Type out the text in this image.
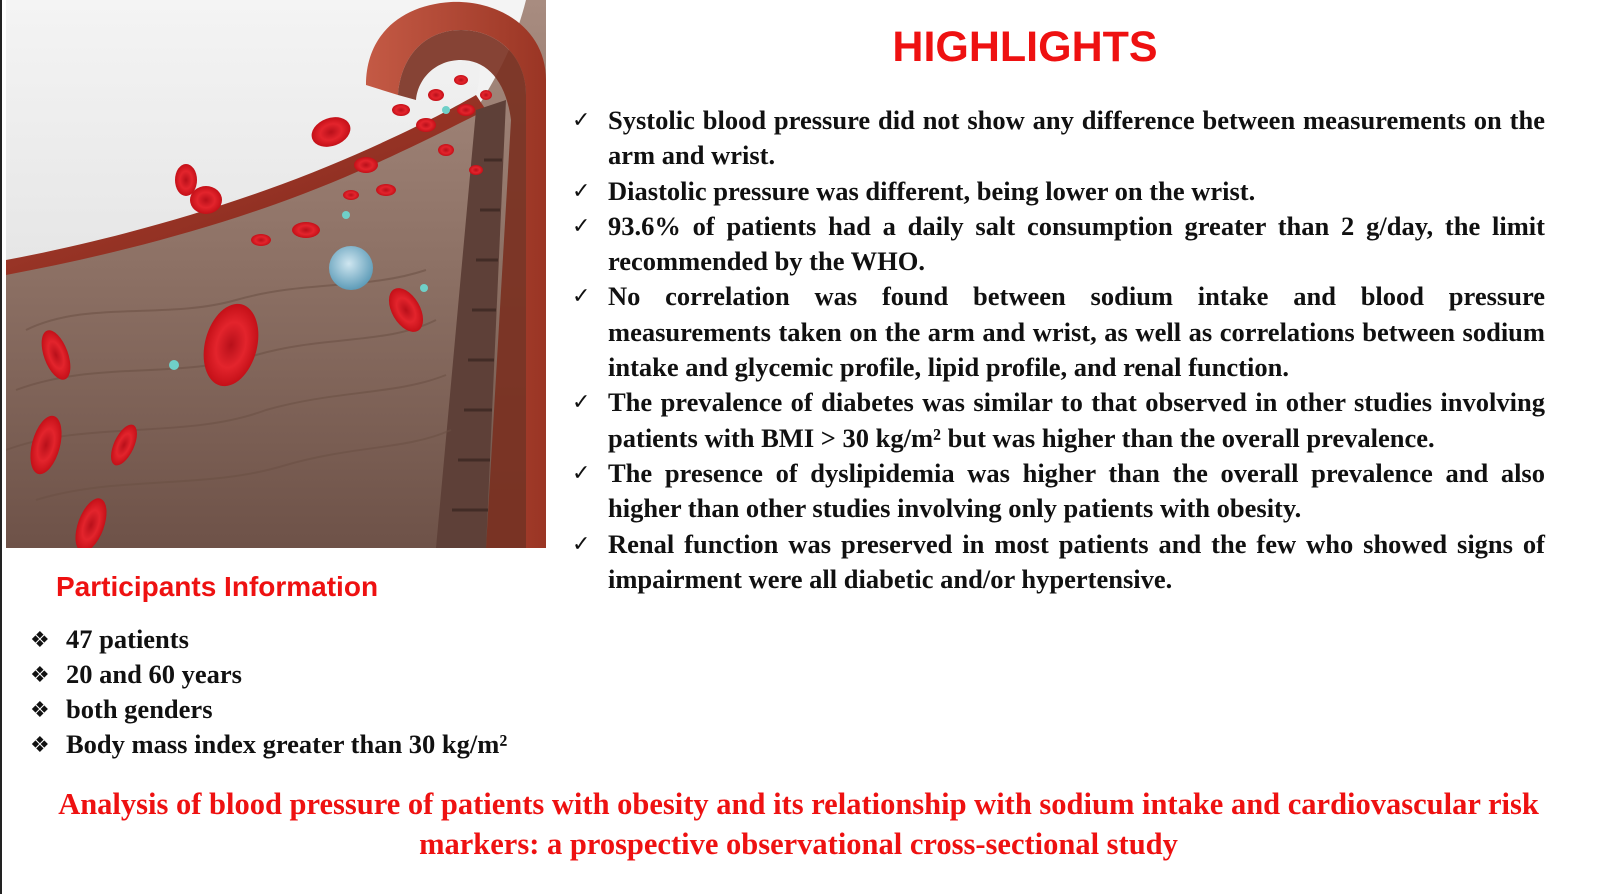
HIGHLIGHTS
✓ Systolic blood pressure did not show any difference between measurements on the arm and wrist.
✓ Diastolic pressure was different, being lower on the wrist.
✓ 93.6% of patients had a daily salt consumption greater than 2 g/day, the limit recommended by the WHO.
✓ No correlation was found between sodium intake and blood pressure measurements taken on the arm and wrist, as well as correlations between sodium intake and glycemic profile, lipid profile, and renal function.
✓ The prevalence of diabetes was similar to that observed in other studies involving patients with BMI > 30 kg/m² but was higher than the overall prevalence.
✓ The presence of dyslipidemia was higher than the overall prevalence and also higher than other studies involving only patients with obesity.
✓ Renal function was preserved in most patients and the few who showed signs of impairment were all diabetic and/or hypertensive.
Participants Information
❖ 47 patients
❖ 20 and 60 years
❖ both genders
❖ Body mass index greater than 30 kg/m²

Analysis of blood pressure of patients with obesity and its relationship with sodium intake and cardiovascular risk markers: a prospective observational cross-sectional study
